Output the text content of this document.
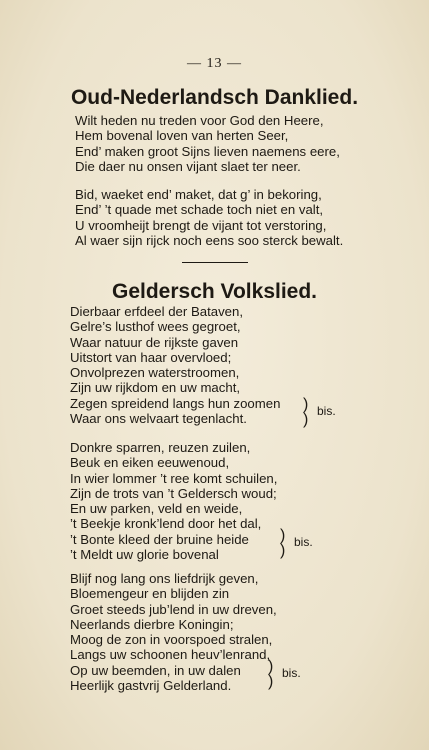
— 13 —
Oud-Nederlandsch Danklied.
Wilt heden nu treden voor God den Heere,
Hem bovenal loven van herten Seer,
End’ maken groot Sijns lieven naemens eere,
Die daer nu onsen vijant slaet ter neer.
Bid, waeket end’ maket, dat g’ in bekoring,
End’ ’t quade met schade toch niet en valt,
U vroomheijt brengt de vijant tot verstoring,
Al waer sijn rijck noch eens soo sterck bewalt.
Geldersch Volkslied.
Dierbaar erfdeel der Bataven,
Gelre’s lusthof wees gegroet,
Waar natuur de rijkste gaven
Uitstort van haar overvloed;
Onvolprezen waterstroomen,
Zijn uw rijkdom en uw macht,
Zegen spreidend langs hun zoomen
Waar ons welvaart tegenlacht.
)
)
bis.
Donkre sparren, reuzen zuilen,
Beuk en eiken eeuwenoud,
In wier lommer ’t ree komt schuilen,
Zijn de trots van ’t Geldersch woud;
En uw parken, veld en weide,
’t Beekje kronk’lend door het dal,
’t Bonte kleed der bruine heide
’t Meldt uw glorie bovenal
)
)
bis.
Blijf nog lang ons liefdrijk geven,
Bloemengeur en blijden zin
Groet steeds jub’lend in uw dreven,
Neerlands dierbre Koningin;
Moog de zon in voorspoed stralen,
Langs uw schoonen heuv’lenrand,
Op uw beemden, in uw dalen
Heerlijk gastvrij Gelderland.
)
)
bis.
